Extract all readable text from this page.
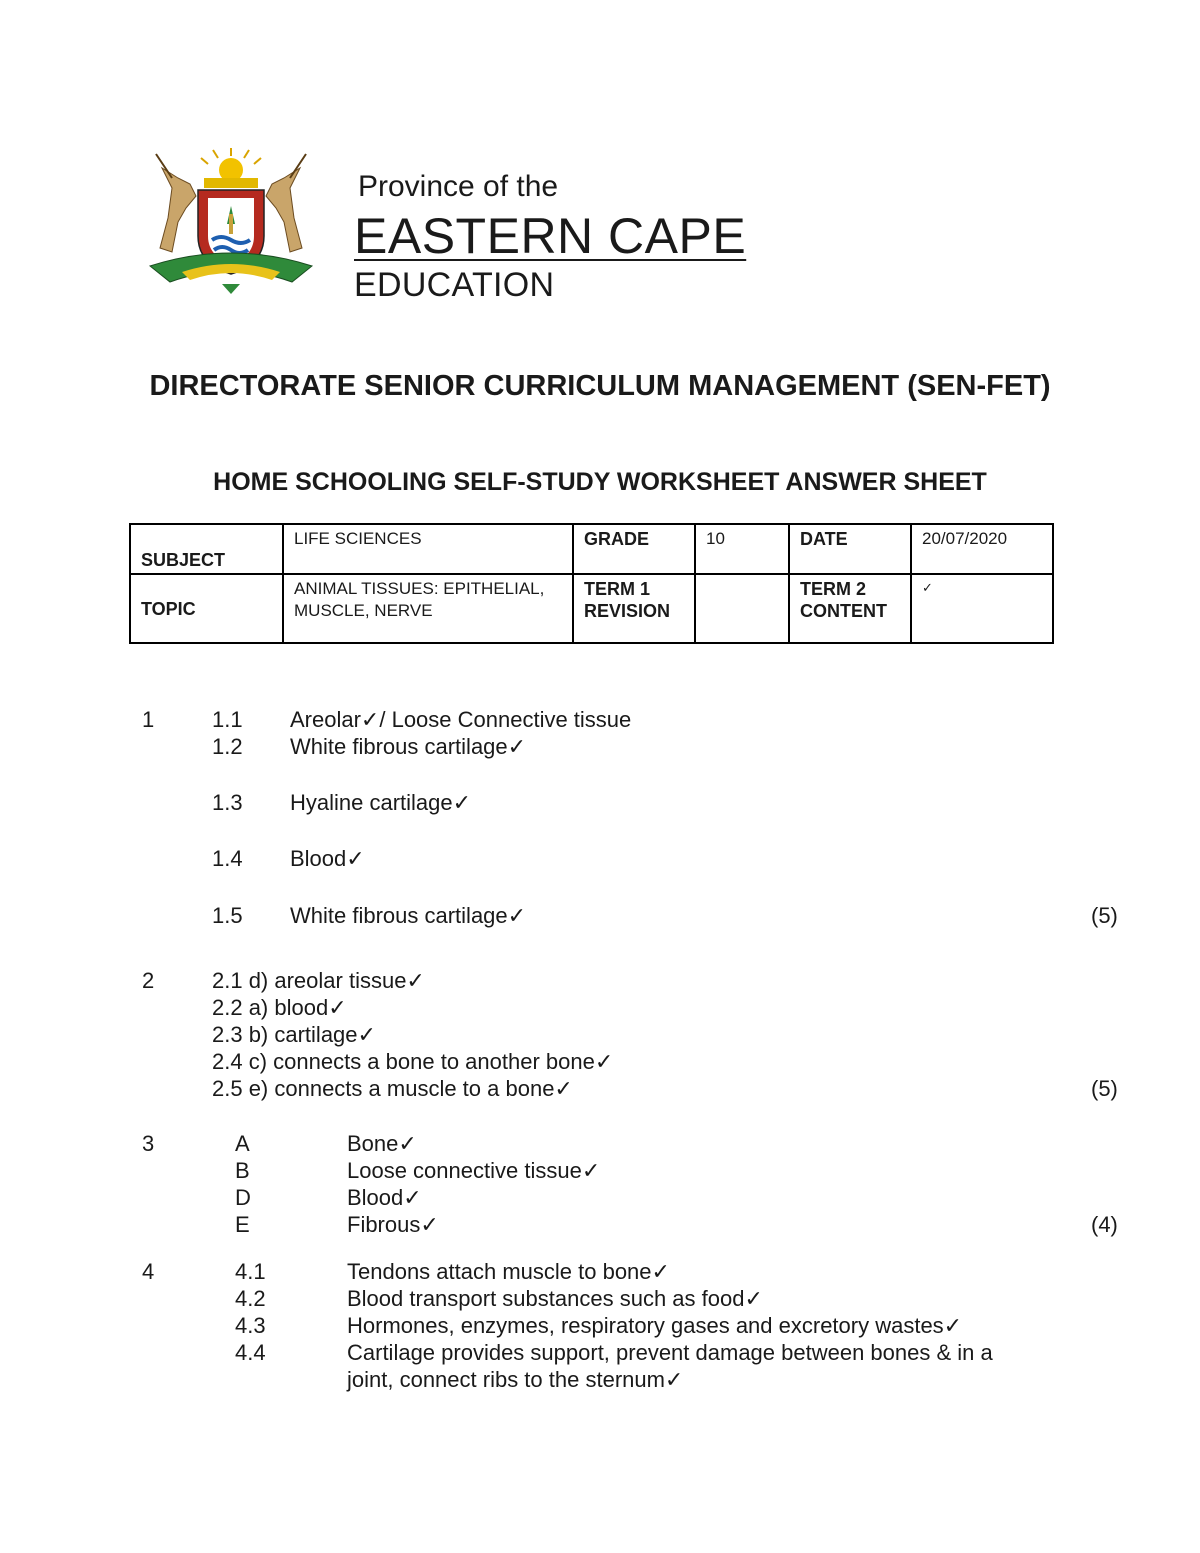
Province of the
EASTERN CAPE
EDUCATION
DIRECTORATE SENIOR CURRICULUM MANAGEMENT (SEN-FET)
HOME SCHOOLING SELF-STUDY WORKSHEET ANSWER SHEET
SUBJECT	LIFE SCIENCES	GRADE	10	DATE	20/07/2020
TOPIC	ANIMAL TISSUES: EPITHELIAL, MUSCLE, NERVE	TERM 1 REVISION		TERM 2 CONTENT	✓
1	1.1 Areolar✓/ Loose Connective tissue
1.2 White fibrous cartilage✓
1.3 Hyaline cartilage✓
1.4 Blood✓
1.5 White fibrous cartilage✓	(5)
2	2.1 d) areolar tissue✓
2.2 a) blood✓
2.3 b) cartilage✓
2.4 c) connects a bone to another bone✓
2.5 e) connects a muscle to a bone✓	(5)
3	A	Bone✓
B	Loose connective tissue✓
D	Blood✓
E	Fibrous✓	(4)
4	4.1	Tendons attach muscle to bone✓
4.2	Blood transport substances such as food✓
4.3	Hormones, enzymes, respiratory gases and excretory wastes✓
4.4	Cartilage provides support, prevent damage between bones & in a
joint, connect ribs to the sternum✓
